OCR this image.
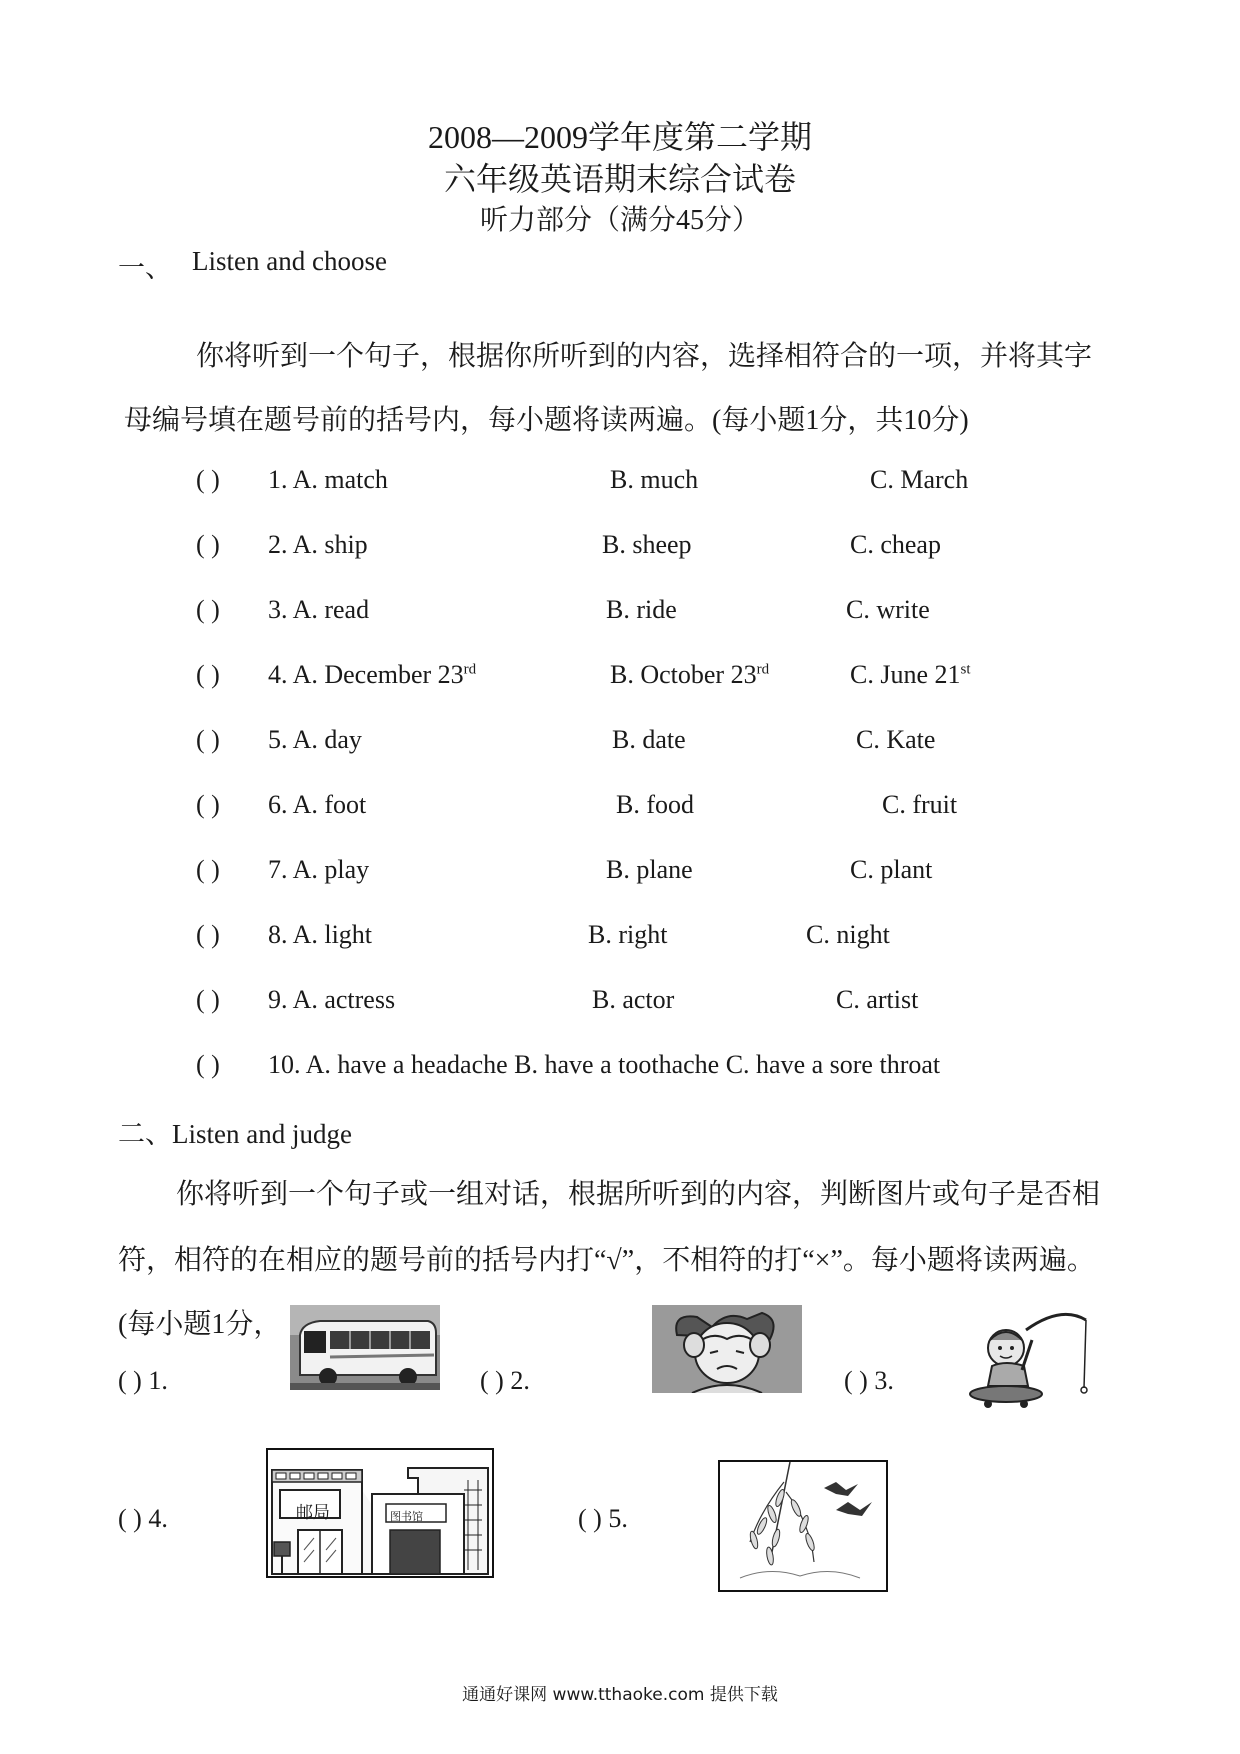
2008—2009学年度第二学期
六年级英语期末综合试卷
听力部分（满分45分）
一、 Listen and choose
你将听到一个句子，根据你所听到的内容，选择相符合的一项，并将其字
母编号填在题号前的括号内，每小题将读两遍。(每小题1分，共10分)
( ) 1. A. match	B. much	C. March
( ) 2. A. ship	B. sheep	C. cheap
( ) 3. A. read	B. ride	C. write
( ) 4. A. December 23rd	B. October 23rd	C. June 21st
( ) 5. A. day	B. date	C. Kate
( ) 6. A. foot	B. food	C. fruit
( ) 7. A. play	B. plane	C. plant
( ) 8. A. light	B. right	C. night
( ) 9. A. actress	B. actor	C. artist
( ) 10. A. have a headache B. have a toothache C. have a sore throat
二、Listen and judge
你将听到一个句子或一组对话，根据所听到的内容，判断图片或句子是否相
符，相符的在相应的题号前的括号内打“√”，不相符的打“×”。每小题将读两遍。
(每小题1分，
( ) 1.	( ) 2.	( ) 3.
( ) 4.	邮局	图书馆	( ) 5.
通通好课网 www.tthaoke.com 提供下载
